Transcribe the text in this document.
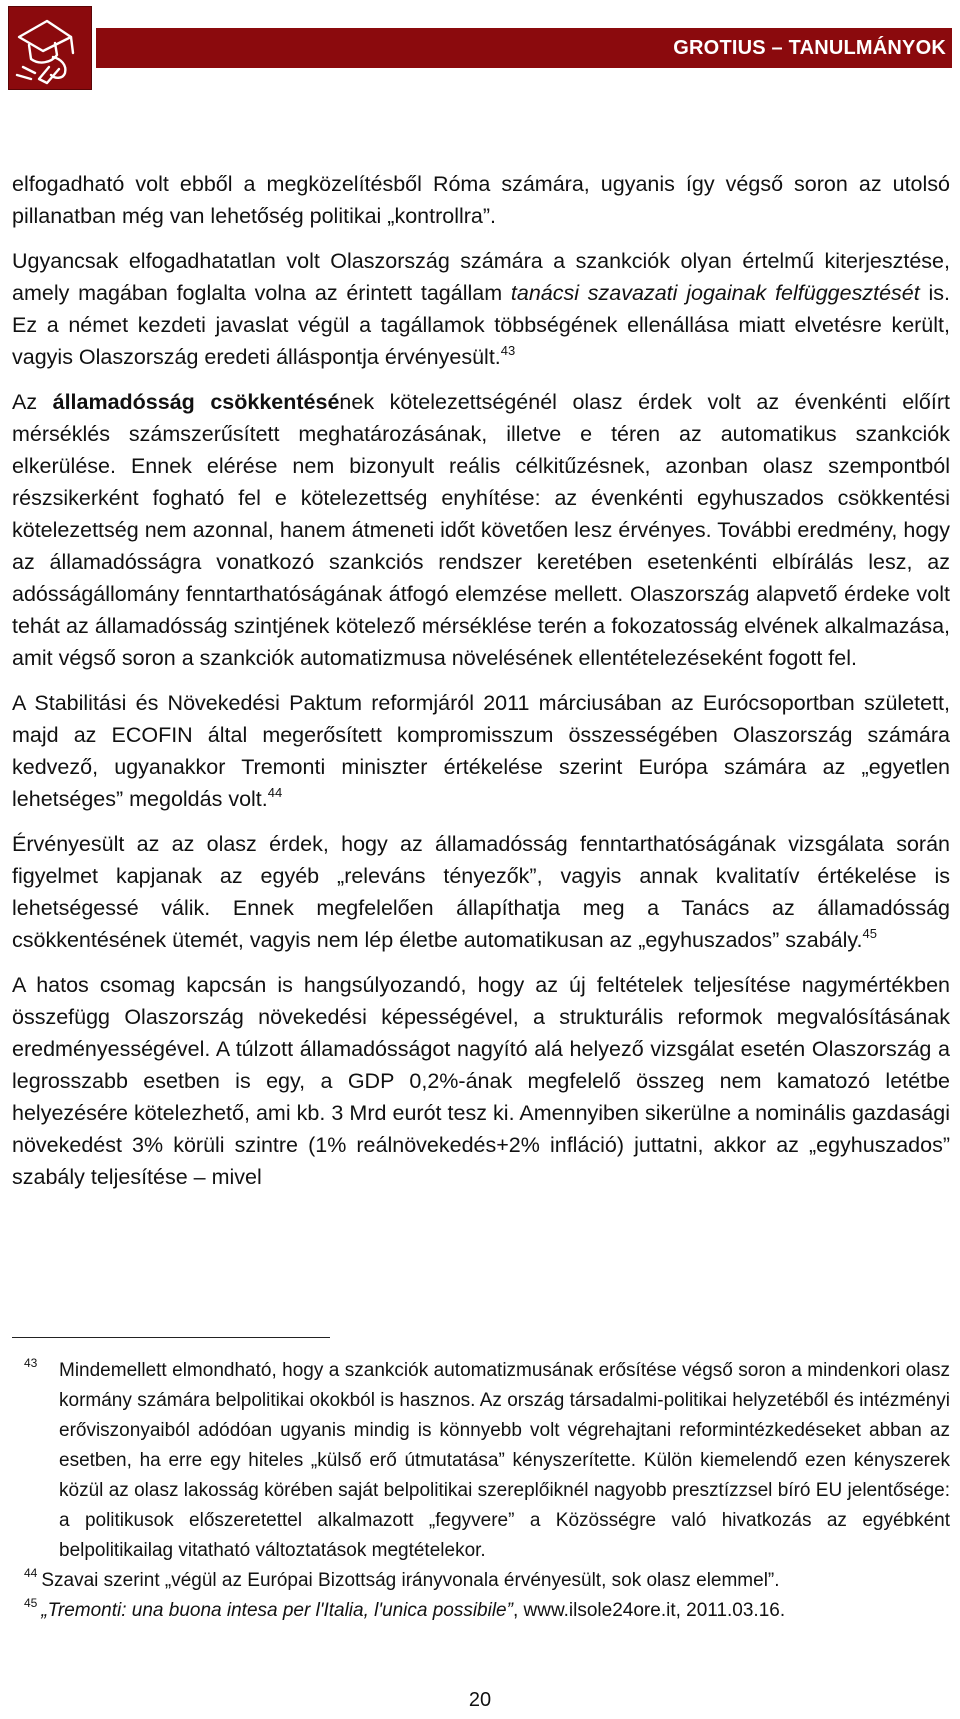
GROTIUS – TANULMÁNYOK

elfogadható volt ebből a megközelítésből Róma számára, ugyanis így végső soron az utolsó pillanatban még van lehetőség politikai „kontrollra”.

Ugyancsak elfogadhatatlan volt Olaszország számára a szankciók olyan értelmű kiterjesztése, amely magában foglalta volna az érintett tagállam tanácsi szavazati jogainak felfüggesztését is. Ez a német kezdeti javaslat végül a tagállamok többségének ellenállása miatt elvetésre került, vagyis Olaszország eredeti álláspontja érvényesült.$^{43}$

Az államadósság csökkentésének kötelezettségénél olasz érdek volt az évenkénti előírt mérséklés számszerűsített meghatározásának, illetve e téren az automatikus szankciók elkerülése. Ennek elérése nem bizonyult reális célkitűzésnek, azonban olasz szempontból részsikerként fogható fel e kötelezettség enyhítése: az évenkénti egyhuszados csökkentési kötelezettség nem azonnal, hanem átmeneti időt követően lesz érvényes. További eredmény, hogy az államadósságra vonatkozó szankciós rendszer keretében esetenkénti elbírálás lesz, az adósságállomány fenntarthatóságának átfogó elemzése mellett. Olaszország alapvető érdeke volt tehát az államadósság szintjének kötelező mérséklése terén a fokozatosság elvének alkalmazása, amit végső soron a szankciók automatizmusa növelésének ellentételezéseként fogott fel.

A Stabilitási és Növekedési Paktum reformjáról 2011 márciusában az Eurócsoportban született, majd az ECOFIN által megerősített kompromisszum összességében Olaszország számára kedvező, ugyanakkor Tremonti miniszter értékelése szerint Európa számára az „egyetlen lehetséges” megoldás volt.$^{44}$

Érvényesült az az olasz érdek, hogy az államadósság fenntarthatóságának vizsgálata során figyelmet kapjanak az egyéb „releváns tényezők”, vagyis annak kvalitatív értékelése is lehetségessé válik. Ennek megfelelően állapíthatja meg a Tanács az államadósság csökkentésének ütemét, vagyis nem lép életbe automatikusan az „egyhuszados” szabály.$^{45}$

A hatos csomag kapcsán is hangsúlyozandó, hogy az új feltételek teljesítése nagymértékben összefügg Olaszország növekedési képességével, a strukturális reformok megvalósításának eredményességével. A túlzott államadósságot nagyító alá helyező vizsgálat esetén Olaszország a legrosszabb esetben is egy, a GDP 0,2%-ának megfelelő összeg nem kamatozó letétbe helyezésére kötelezhető, ami kb. 3 Mrd eurót tesz ki. Amennyiben sikerülne a nominális gazdasági növekedést 3% körüli szintre (1% reálnövekedés+2% infláció) juttatni, akkor az „egyhuszados” szabály teljesítése – mivel

$^{43}$ Mindemellett elmondható, hogy a szankciók automatizmusának erősítése végső soron a mindenkori olasz kormány számára belpolitikai okokból is hasznos. Az ország társadalmi-politikai helyzetéből és intézményi erőviszonyaiból adódóan ugyanis mindig is könnyebb volt végrehajtani reformintézkedéseket abban az esetben, ha erre egy hiteles „külső erő útmutatása” kényszerítette. Külön kiemelendő ezen kényszerek közül az olasz lakosság körében saját belpolitikai szereplőiknél nagyobb presztízzsel bíró EU jelentősége: a politikusok előszeretettel alkalmazott „fegyvere” a Közösségre való hivatkozás az egyébként belpolitikailag vitatható változtatások megtételekor.

$^{44}$ Szavai szerint „végül az Európai Bizottság irányvonala érvényesült, sok olasz elemmel”.

$^{45}$ „Tremonti: una buona intesa per l'Italia, l'unica possibile”, www.ilsole24ore.it, 2011.03.16.

20
